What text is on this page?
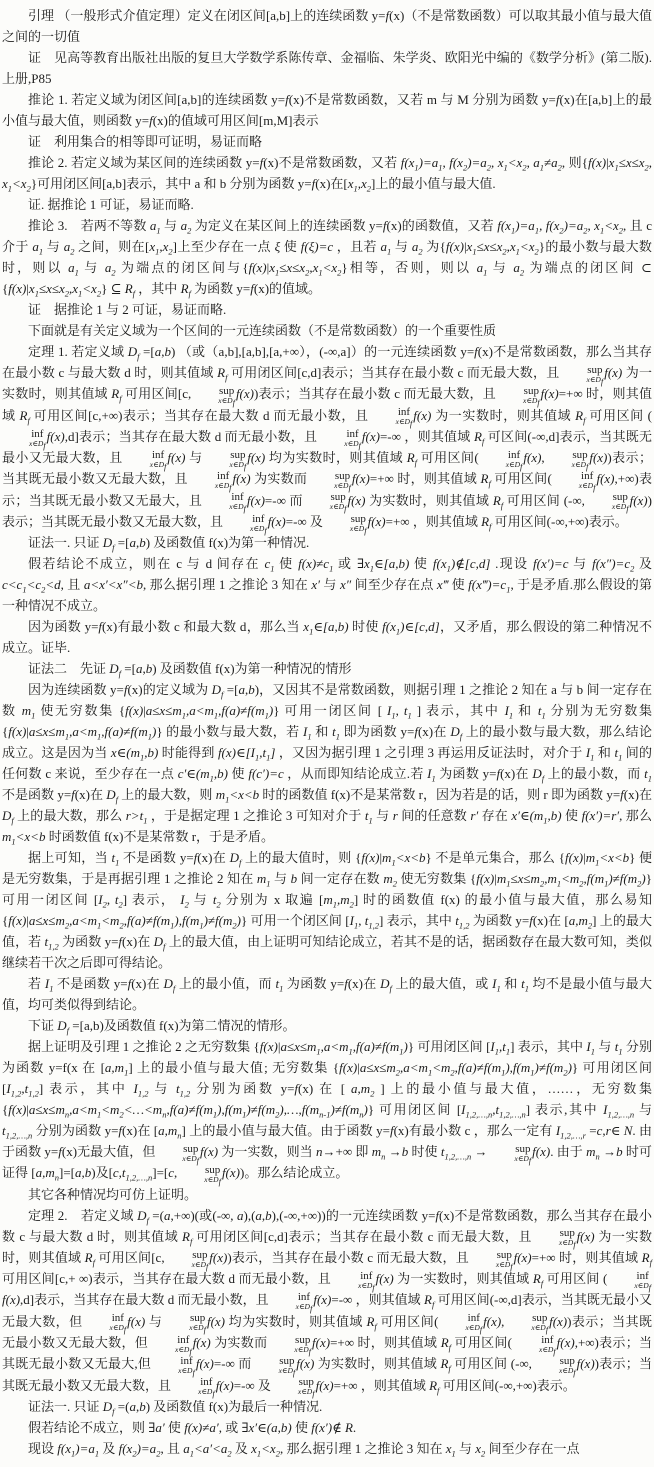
引理 （一般形式介值定理）定义在闭区间[a,b]上的连续函数 y=f(x)（不是常数函数）可以取其最小值与最大值之间的一切值

证　见高等教育出版社出版的复旦大学数学系陈传章、金福临、朱学炎、欧阳光中编的《数学分析》(第二版).上册,P85

推论 1. 若定义域为闭区间[a,b]的连续函数 y=f(x)不是常数函数，又若 m 与 M 分别为函数 y=f(x)在[a,b]上的最小值与最大值，则函数 y=f(x)的值域可用区间[m,M]表示

证　利用集合的相等即可证明，易证而略

推论 2. 若定义域为某区间的连续函数 y=f(x)不是常数函数，又若 $f(x_1)=a_1$, $f(x_2)=a_2$, $x_1<x_2$, $a_1\ne a_2$, 则{$f(x)|x_1\le x\le x_2$, $x_1<x_2$}可用闭区间[a,b]表示，其中 a 和 b 分别为函数 y=f(x)在$[x_1,x_2]$上的最小值与最大值.

证. 据推论 1 可证，易证而略.

推论 3.　若两不等数 $a_1$ 与 $a_2$ 为定义在某区间上的连续函数 y=f(x)的函数值，又若 $f(x_1)=a_1$, $f(x_2)=a_2$, $x_1<x_2$, 且 c 介于 $a_1$ 与 $a_2$ 之间，则在$[x_1,x_2]$上至少存在一点 ξ 使 f(ξ)=c ，且若 $a_1$ 与 $a_2$ 为$\{f(x)|x_1\le x\le x_2,x_1<x_2\}$的最小数与最大数时，则以 $a_1$ 与 $a_2$ 为端点的闭区间与$\{f(x)|x_1\le x\le x_2,x_1<x_2\}$相等，否则，则以 $a_1$ 与 $a_2$ 为端点的闭区间 ⊂ $\{f(x)|x_1\le x\le x_2,x_1<x_2\}$ ⊆ $R_f$ ，其中 $R_f$ 为函数 y=f(x)的值域。

证　据推论 1 与 2 可证，易证而略.

下面就是有关定义域为一个区间的一元连续函数（不是常数函数）的一个重要性质

定理 1. 若定义域 $D_f =[a,b)$ （或（a,b],[a,b],[a,+∞），(-∞,a]）的一元连续函数 y=f(x)不是常数函数，那么当其存在最小数 c 与最大数 d 时，则其值域 $R_f$ 可用闭区间[c,d]表示；当其存在最小数 c 而无最大数，且	sup
$x\in D_f$
f(x) 为一实数时，则其值域 $R_f$ 可用区间[c,	sup
$x\in D_f$
f(x))表示；当其存在最小数 c 而无最大数，且	sup
$x\in D_f$
f(x)=+∞ 时，则其值域 $R_f$ 可用区间[c,+∞)表示；当其存在最大数 d 而无最小数，且	inf
$x\in D_f$
f(x) 为一实数时，则其值域 $R_f$ 可用区间 (inf
$x\in D_f$
f(x),d]表示；当其存在最大数 d 而无最小数，且	inf
$x\in D_f$
f(x)=-∞ ，则其值域 $R_f$ 可区间(-∞,d]表示，当其既无最小又无最大数，且	inf
$x\in D_f$
f(x) 与	sup
$x\in D_f$
f(x) 均为实数时，则其值域 $R_f$ 可用区间(	inf
$x\in D_f$
f(x),	sup
$x\in D_f$
f(x))表示；当其既无最小数又无最大数，且	inf
$x\in D_f$
f(x) 为实数而	sup
$x\in D_f$
f(x)=+∞ 时，则其值域 $R_f$ 可用区间(	inf
$x\in D_f$
f(x),+∞)表示；当其既无最小数又无最大，且	inf
$x\in D_f$
f(x)=-∞ 而	sup
$x\in D_f$
f(x) 为实数时，则其值域 $R_f$ 可用区间 (-∞,	sup
$x\in D_f$
f(x))表示；当其既无最小数又无最大数，且	inf
$x\in D_f$
f(x)=-∞ 及	sup
$x\in D_f$
f(x)=+∞ ，则其值域 $R_f$ 可用区间(-∞,+∞)表示。

证法一. 只证 $D_f =[a,b)$ 及函数值 f(x)为第一种情况.

假若结论不成立，则在 c 与 d 间存在 $c_1$ 使 $f(x)\ne c_1$ 或 $\exists x_1\in[a,b)$ 使 $f(x_1)\notin[c,d]$ .现设 f(x′)=c 与 $f(x'')=c_2$ 及 $c<c_1<c_2<d$, 且 a<x′<x″<b, 那么据引理 1 之推论 3 知在 x′ 与 x″ 间至少存在点 x‴ 使 $f(x‴)=c_1$, 于是矛盾.那么假设的第一种情况不成立。

因为函数 y=f(x)有最小数 c 和最大数 d，那么当 $x_1\in[a,b)$ 时使 $f(x_1)\in[c,d]$，又矛盾，那么假设的第二种情况不成立。证毕.

证法二　先证 $D_f =[a,b)$ 及函数值 f(x)为第一种情况的情形

因为连续函数 y=f(x)的定义域为 $D_f =[a,b)$，又因其不是常数函数，则据引理 1 之推论 2 知在 a 与 b 间一定存在数 $m_1$ 使无穷数集 $\{f(x)|a\le x\le m_1,a<m_1,f(a)\ne f(m_1)\}$ 可用一闭区间 [ $I_1$, $t_1$ ] 表示，其中 $I_1$ 和 $t_1$ 分别为无穷数集 $\{f(x)|a\le x\le m_1,a<m_1,f(a)\ne f(m_1)\}$ 的最小数与最大数，若 $I_1$ 和 $t_1$ 即为函数 y=f(x)在 $D_f$ 上的最小数与最大数，那么结论成立。这是因为当 $x\in(m_1,b)$ 时能得到 $f(x)\in[I_1,t_1]$ ，又因为据引理 1 之引理 3 再运用反证法时，对介于 $I_1$ 和 $t_1$ 间的任何数 c 来说，至少存在一点 $c'\in(m_1,b)$ 使 f(c′)=c ，从而即知结论成立.若 $I_1$ 为函数 y=f(x)在 $D_f$ 上的最小数，而 $t_1$ 不是函数 y=f(x)在 $D_f$ 上的最大数，则 $m_1<x<b$ 时的函数值 f(x)不是某常数 r，因为若是的话，则 r 即为函数 y=f(x)在 $D_f$ 上的最大数，那么 $r>t_1$ ，于是据定理 1 之推论 3 可知对介于 $t_1$ 与 r 间的任意数 r′ 存在 $x'\in(m_1,b)$ 使 f(x′)=r′, 那么 $m_1<x<b$ 时函数值 f(x)不是某常数 r，于是矛盾。

据上可知，当 $t_1$ 不是函数 y=f(x)在 $D_f$ 上的最大值时，则 $\{f(x)|m_1<x<b\}$ 不是单元集合，那么 $\{f(x)|m_1<x<b\}$ 便是无穷数集，于是再据引理 1 之推论 2 知在 $m_1$ 与 b 间一定存在数 $m_2$ 使无穷数集 $\{f(x)|m_1\le x\le m_2,m_1<m_2,f(m_1)\ne f(m_2)\}$ 可用一闭区间 [$I_2$, $t_2$] 表示， $I_2$ 与 $t_2$ 分别为 x 取遍 $[m_1,m_2]$ 时的函数值 f(x) 的最小值与最大值，那么易知 $\{f(x)|a\le x\le m_2,a<m_1<m_2,f(a)\ne f(m_1),f(m_1)\ne f(m_2)\}$ 可用一个闭区间 [$I_1$, $t_{1,2}$] 表示，其中 $t_{1,2}$ 为函数 y=f(x)在 $[a,m_2]$ 上的最大值，若 $t_{1,2}$ 为函数 y=f(x)在 $D_f$ 上的最大值，由上证明可知结论成立，若其不是的话，据函数存在最大数可知，类似继续若干次之后即可得结论。

若 $I_1$ 不是函数 y=f(x)在 $D_f$ 上的最小值，而 $t_1$ 为函数 y=f(x)在 $D_f$ 上的最大值，或 $I_1$ 和 $t_1$ 均不是最小值与最大值，均可类似得到结论。

下证 $D_f =[a,b)$及函数值 f(x)为第二情况的情形。

据上证明及引理 1 之推论 2 之无穷数集 $\{f(x)|a\le x\le m_1,a<m_1,f(a)\ne f(m_1)\}$ 可用闭区间 $[I_1,t_1]$ 表示，其中 $I_1$ 与 $t_1$ 分别为函数 y=f(x 在 $[a,m_1]$ 上的最小值与最大值; 无穷数集 $\{f(x)|a\le x\le m_2,a<m_1<m_2,f(a)\ne f(m_1),f(m_1)\ne f(m_2)\}$ 可用闭区间 $[I_{1,2},t_{1,2}]$ 表示，其中 $I_{1,2}$ 与 $t_{1,2}$ 分别为函数 y=f(x) 在 [ $a,m_2$ ] 上的最小值与最大值，……，无穷数集 $\{f(x)|a\le x\le m_n,a<m_1<m_2<\dots<m_n,f(a)\ne f(m_1),f(m_1)\ne f(m_2),\dots,f(m_{n-1})\ne f(m_n)\}$ 可用闭区间 $[I_{1,2,\dots,n},t_{1,2,\dots,n}]$ 表示,其中 $I_{1,2,\dots,n}$ 与 $t_{1,2,\dots,n}$ 分别为函数 y=f(x)在 $[a,m_n]$ 上的最小值与最大值。由于函数 y=f(x)有最小数 c ，那么一定有 $I_{1,2,\dots,r}$ =c,r∈ N. 由于函数 y=f(x)无最大值，但	sup
$x\in D_f$
f(x) 为一实数，则当 n→+∞ 即 $m_n \to b$ 时使 $t_{1,2,\dots,n}$ →	sup
$x\in D_f$
f(x). 由于 $m_n \to b$ 时可证得 $[a,m_n]=[a,b)$及$[c,t_{1,2,\dots,n}]=[c$,	sup
$x\in D_f$
f(x))。那么结论成立。

其它各种情况均可仿上证明。

定理 2.　若定义域 $D_f =(a,+\infty)$(或(-∞, a),(a,b),(-∞,+∞))的一元连续函数 y=f(x)不是常数函数，那么当其存在最小数 c 与最大数 d 时，则其值域 $R_f$ 可用闭区间[c,d]表示；当其存在最小数 c 而无最大数，且	sup
$x\in D_f$
f(x) 为一实数时，则其值域 $R_f$ 可用区间[c,	sup
$x\in D_f$
f(x))表示，当其存在最小数 c 而无最大数，且	sup
$x\in D_f$
f(x)=+∞ 时，则其值域 $R_f$ 可用区间[c,+ ∞)表示，当其存在最大数 d 而无最小数，且	inf
$x\in D_f$
f(x) 为一实数时，则其值域 $R_f$ 可用区间 (	inf
$x\in D_f$
f(x),d]表示，当其存在最大数 d 而无最小数，且	inf
$x\in D_f$
f(x)=-∞ ，则其值域 $R_f$ 可用区间(-∞,d]表示，当其既无最小又无最大数，但	inf
$x\in D_f$
f(x) 与	sup
$x\in D_f$
f(x) 均为实数时，则其值域 $R_f$ 可用区间(	inf
$x\in D_f$
f(x),	sup
$x\in D_f$
f(x))表示；当其既无最小数又无最大数，但	inf
$x\in D_f$
f(x) 为实数而	sup
$x\in D_f$
f(x)=+∞ 时，则其值域 $R_f$ 可用区间(	inf
$x\in D_f$
f(x),+∞)表示；当其既无最小数又无最大,但	inf
$x\in D_f$
f(x)=-∞ 而	sup
$x\in D_f$
f(x) 为实数时，则其值域 $R_f$ 可用区间 (-∞,	sup
$x\in D_f$
f(x))表示；当其既无最小数又无最大数，且	inf
$x\in D_f$
f(x)=-∞ 及	sup
$x\in D_f$
f(x)=+∞ ，则其值域 $R_f$ 可用区间(-∞,+∞)表示。

证法一. 只证 $D_f =(a,b)$ 及函数值 f(x)为最后一种情况.

假若结论不成立，则 ∃a′ 使 f(x)≠a′, 或 ∃x′∈(a,b) 使 f(x′)∉ R.

现设 $f(x_1)=a_1$ 及 $f(x_2)=a_2$, 且 $a_1<a'<a_2$ 及 $x_1<x_2$, 那么据引理 1 之推论 3 知在 $x_1$ 与 $x_2$ 间至少存在一点
